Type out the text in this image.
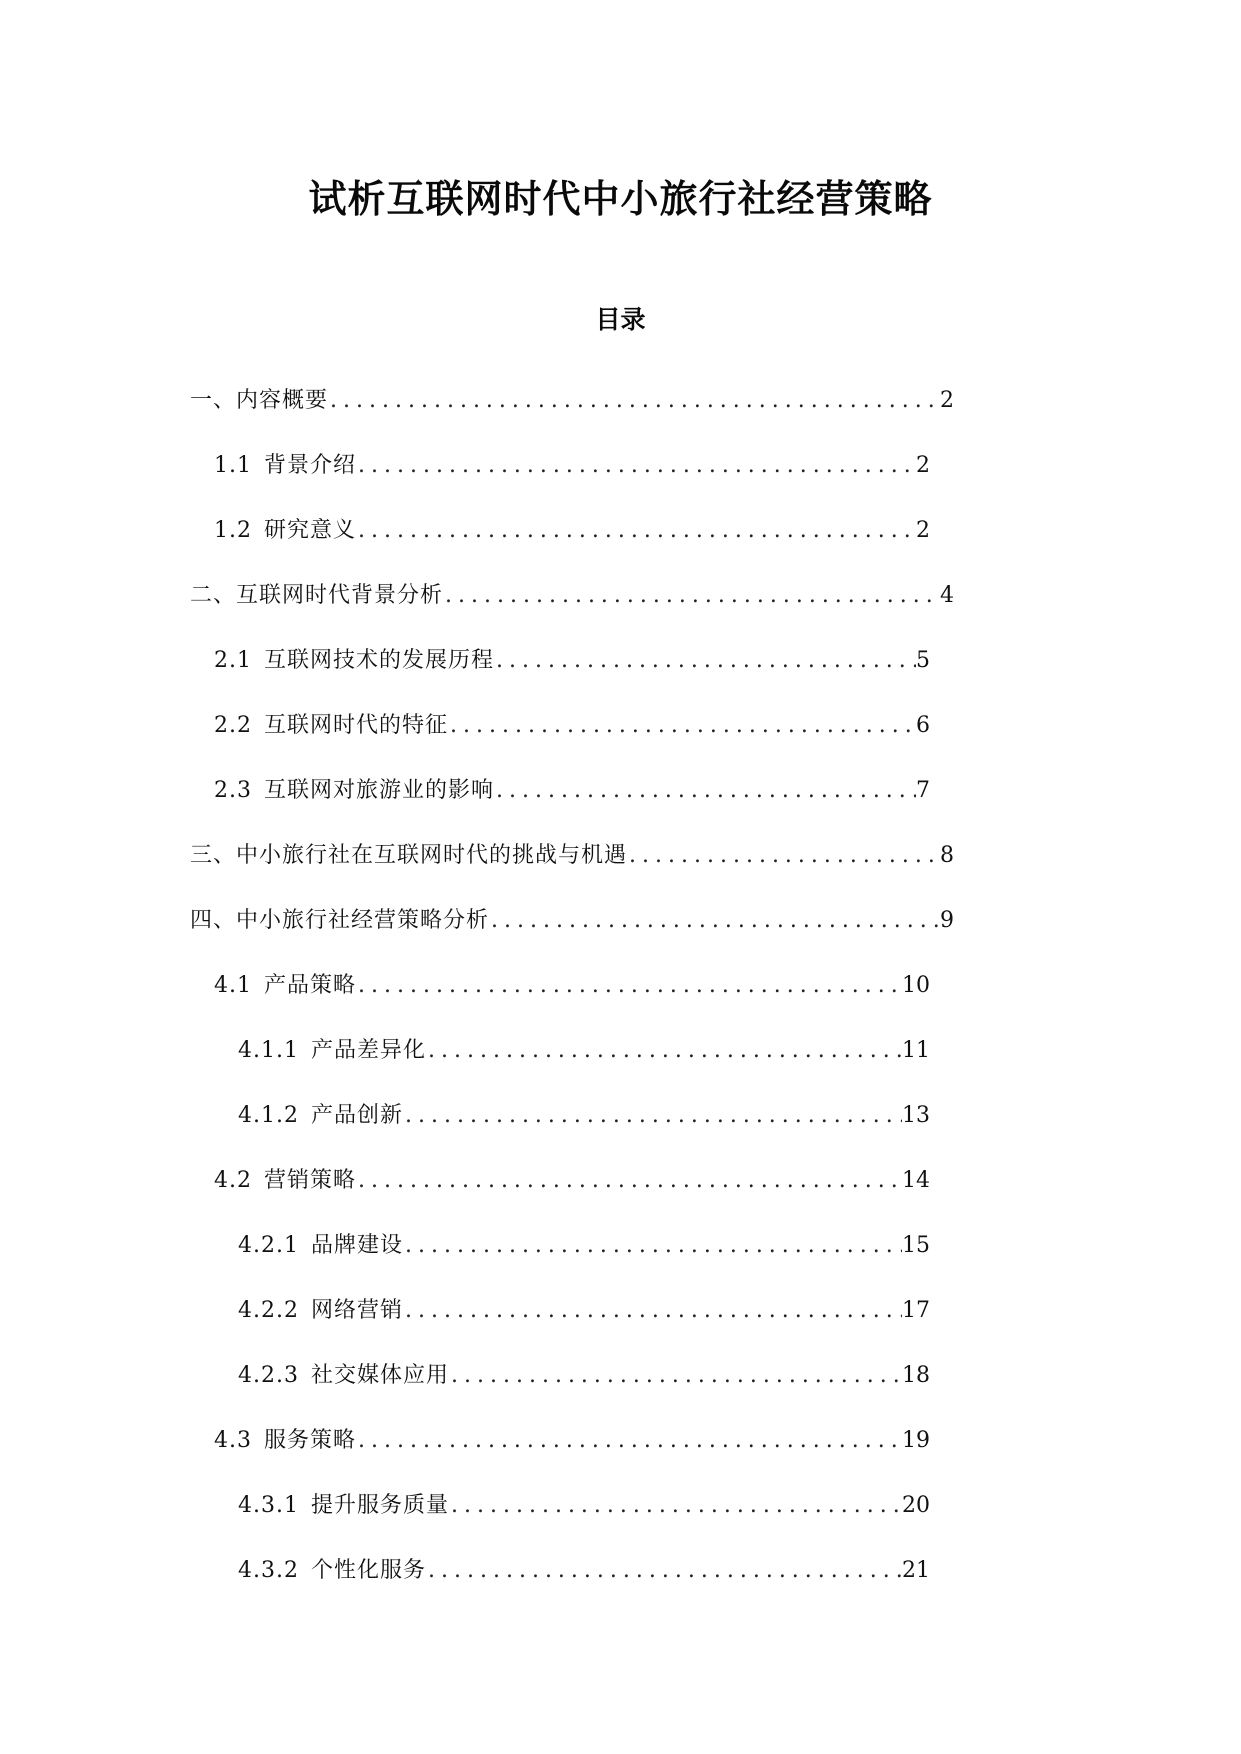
试析互联网时代中小旅行社经营策略
目录
一、内容概要 .....	2
1.1 背景介绍 .....	2
1.2 研究意义 .....	2
二、互联网时代背景分析 .....	4
2.1 互联网技术的发展历程 .....	5
2.2 互联网时代的特征 .....	6
2.3 互联网对旅游业的影响 .....	7
三、中小旅行社在互联网时代的挑战与机遇 .....	8
四、中小旅行社经营策略分析 .....	9
4.1 产品策略 .....	10
4.1.1 产品差异化 .....	11
4.1.2 产品创新 .....	13
4.2 营销策略 .....	14
4.2.1 品牌建设 .....	15
4.2.2 网络营销 .....	17
4.2.3 社交媒体应用 .....	18
4.3 服务策略 .....	19
4.3.1 提升服务质量 .....	20
4.3.2 个性化服务 .....	21
